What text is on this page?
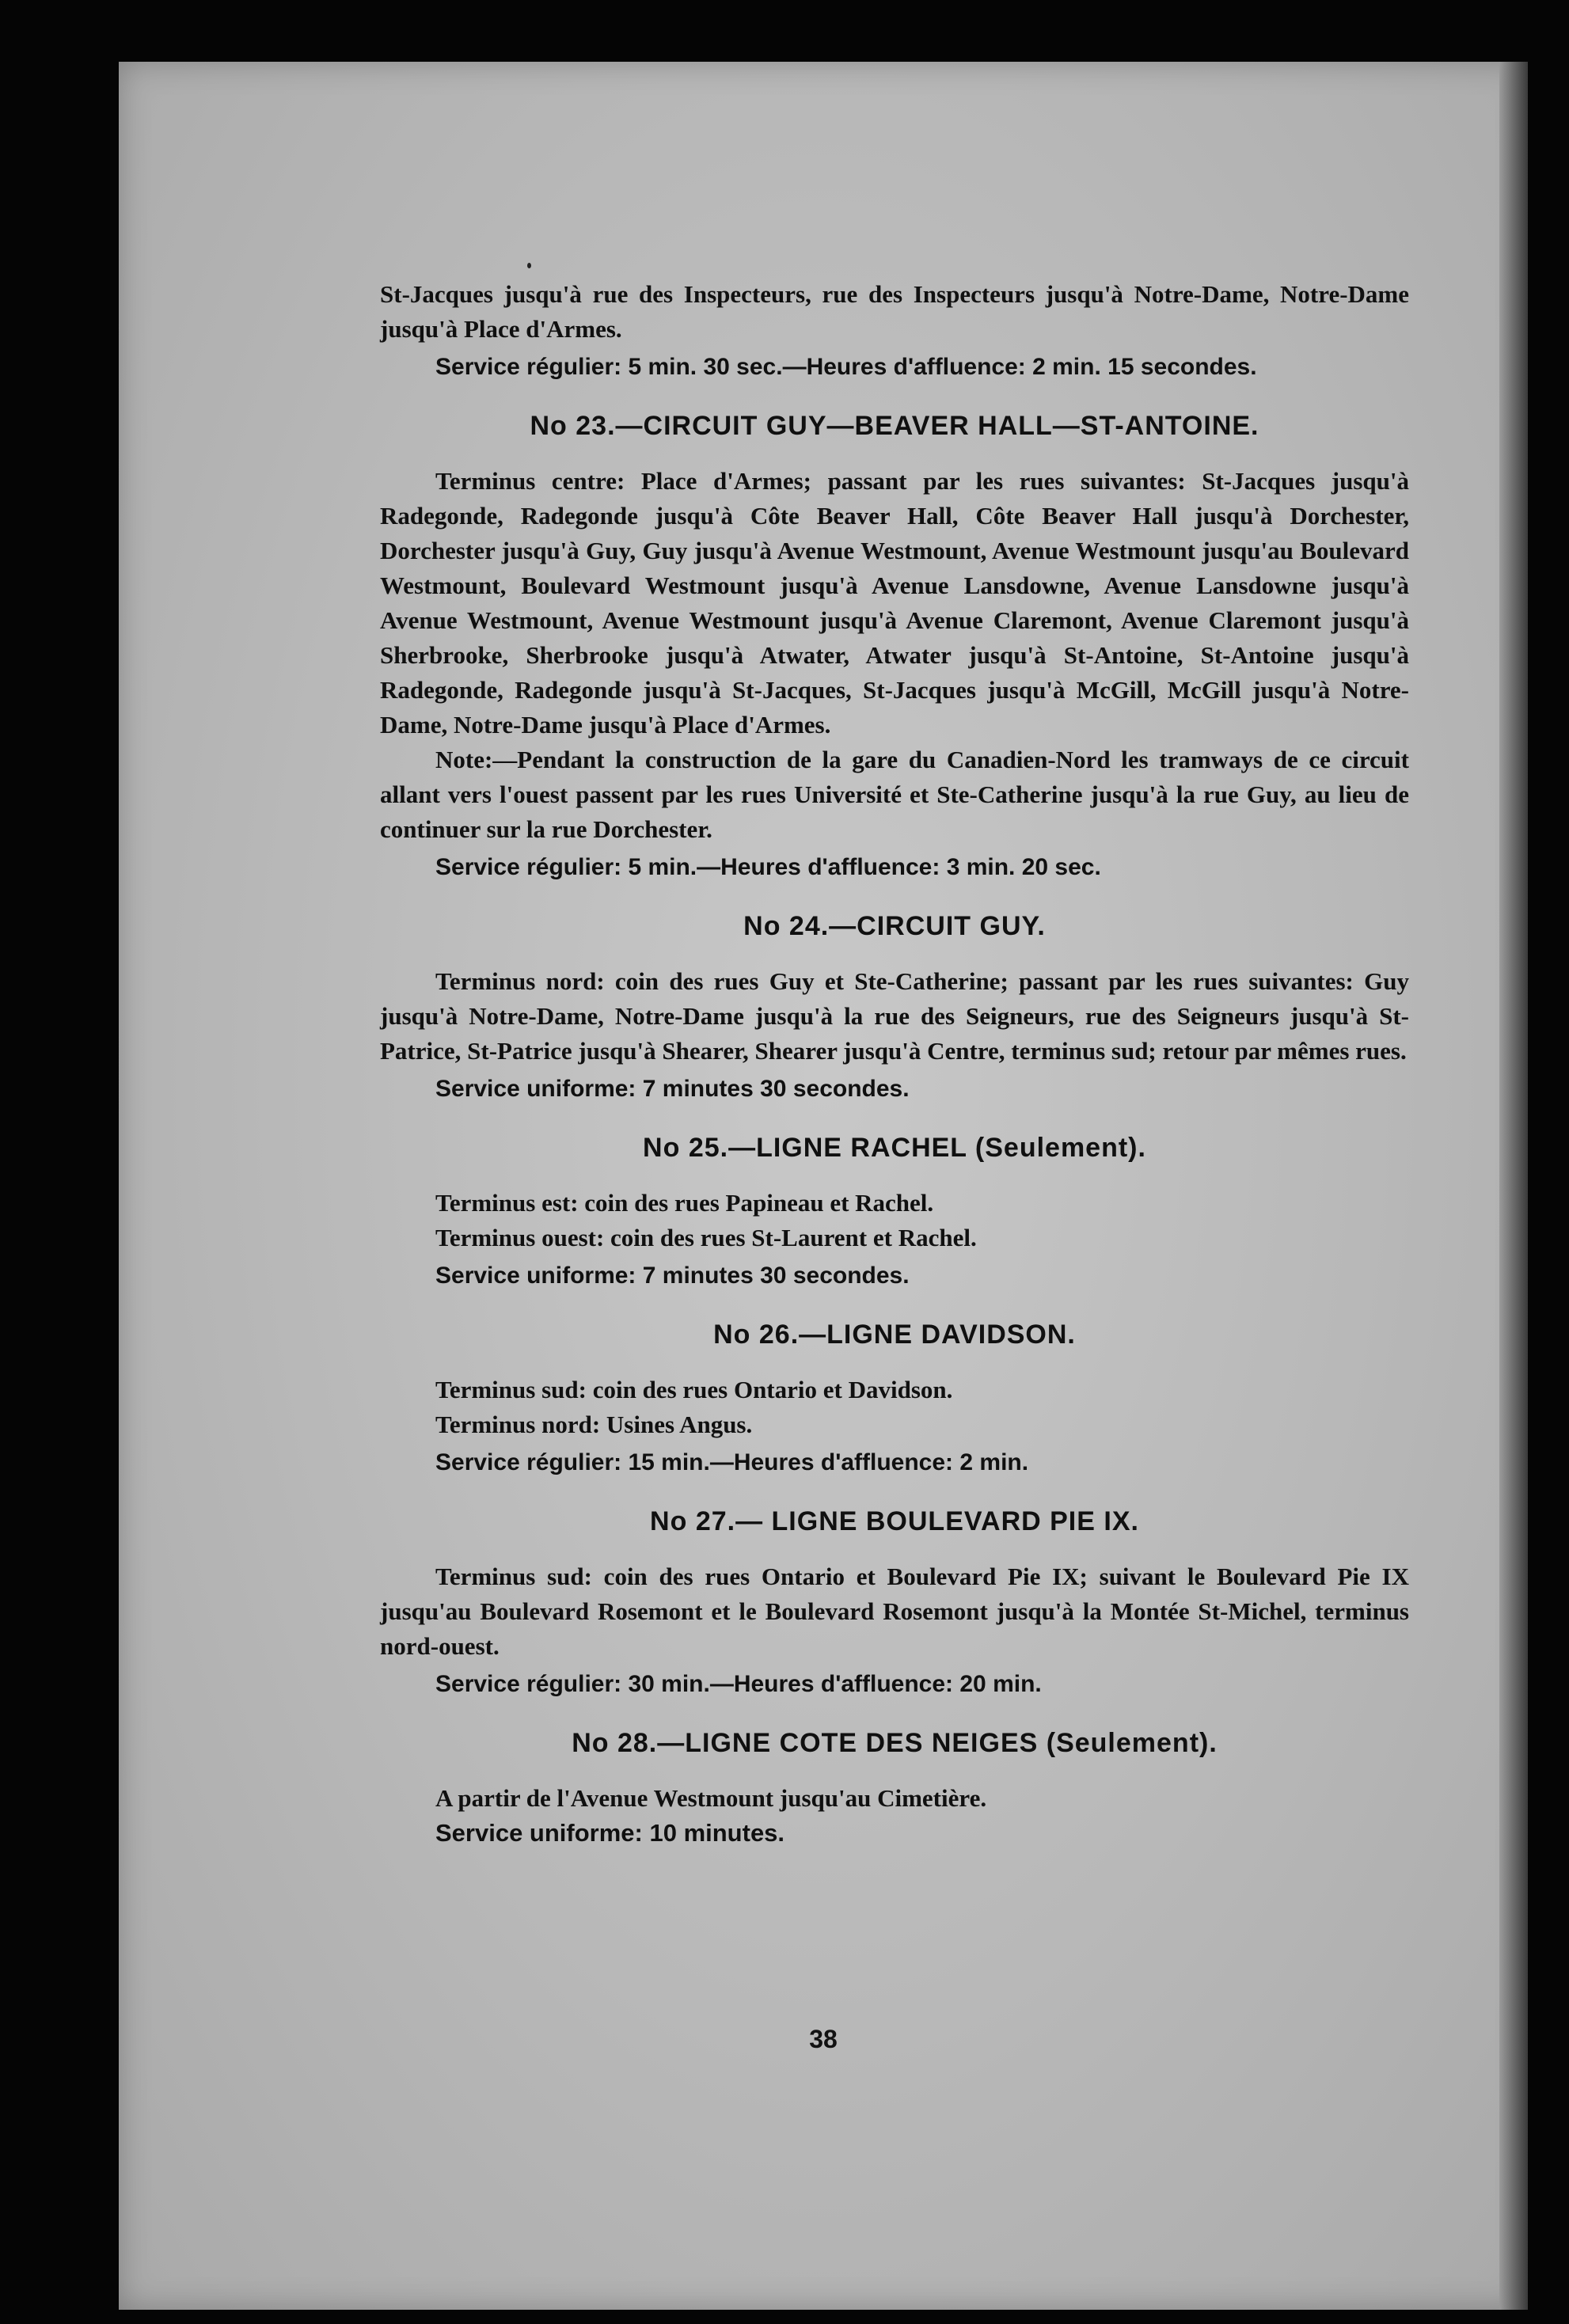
St-Jacques jusqu'à rue des Inspecteurs, rue des Inspecteurs jusqu'à Notre-Dame, Notre-Dame jusqu'à Place d'Armes.

Service régulier: 5 min. 30 sec.—Heures d'affluence: 2 min. 15 secondes.

No 23.—CIRCUIT GUY—BEAVER HALL—ST-ANTOINE.

Terminus centre: Place d'Armes; passant par les rues suivantes: St-Jacques jusqu'à Radegonde, Radegonde jusqu'à Côte Beaver Hall, Côte Beaver Hall jusqu'à Dorchester, Dorchester jusqu'à Guy, Guy jusqu'à Avenue Westmount, Avenue Westmount jusqu'au Boulevard Westmount, Boulevard Westmount jusqu'à Avenue Lansdowne, Avenue Lansdowne jusqu'à Avenue Westmount, Avenue Westmount jusqu'à Avenue Claremont, Avenue Claremont jusqu'à Sherbrooke, Sherbrooke jusqu'à Atwater, Atwater jusqu'à St-Antoine, St-Antoine jusqu'à Radegonde, Radegonde jusqu'à St-Jacques, St-Jacques jusqu'à McGill, McGill jusqu'à Notre-Dame, Notre-Dame jusqu'à Place d'Armes.

Note:—Pendant la construction de la gare du Canadien-Nord les tramways de ce circuit allant vers l'ouest passent par les rues Université et Ste-Catherine jusqu'à la rue Guy, au lieu de continuer sur la rue Dorchester.

Service régulier: 5 min.—Heures d'affluence: 3 min. 20 sec.

No 24.—CIRCUIT GUY.

Terminus nord: coin des rues Guy et Ste-Catherine; passant par les rues suivantes: Guy jusqu'à Notre-Dame, Notre-Dame jusqu'à la rue des Seigneurs, rue des Seigneurs jusqu'à St-Patrice, St-Patrice jusqu'à Shearer, Shearer jusqu'à Centre, terminus sud; retour par mêmes rues.

Service uniforme: 7 minutes 30 secondes.

No 25.—LIGNE RACHEL (Seulement).
Terminus est: coin des rues Papineau et Rachel.
Terminus ouest: coin des rues St-Laurent et Rachel.

Service uniforme: 7 minutes 30 secondes.

No 26.—LIGNE DAVIDSON.
Terminus sud: coin des rues Ontario et Davidson.
Terminus nord: Usines Angus.

Service régulier: 15 min.—Heures d'affluence: 2 min.

No 27.— LIGNE BOULEVARD PIE IX.

Terminus sud: coin des rues Ontario et Boulevard Pie IX; suivant le Boulevard Pie IX jusqu'au Boulevard Rosemont et le Boulevard Rosemont jusqu'à la Montée St-Michel, terminus nord-ouest.

Service régulier: 30 min.—Heures d'affluence: 20 min.

No 28.—LIGNE COTE DES NEIGES (Seulement).
A partir de l'Avenue Westmount jusqu'au Cimetière.
Service uniforme: 10 minutes.
38
